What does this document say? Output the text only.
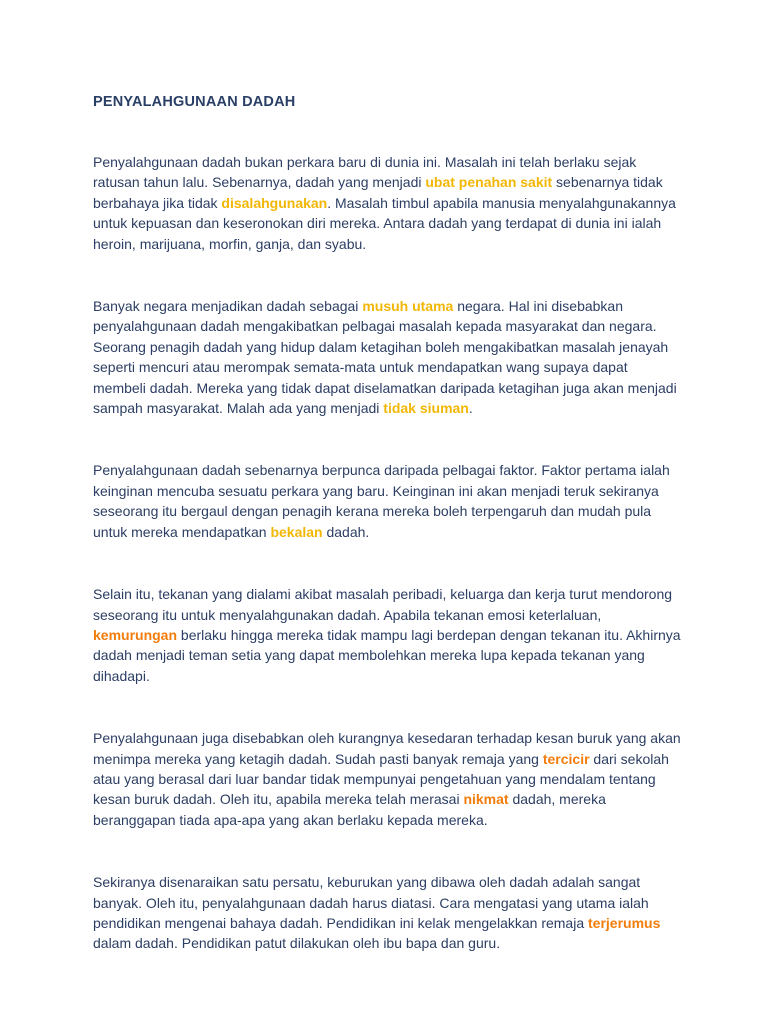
PENYALAHGUNAAN DADAH

Penyalahgunaan dadah bukan perkara baru di dunia ini. Masalah ini telah berlaku sejak ratusan tahun lalu. Sebenarnya, dadah yang menjadi ubat penahan sakit sebenarnya tidak berbahaya jika tidak disalahgunakan. Masalah timbul apabila manusia menyalahgunakannya untuk kepuasan dan keseronokan diri mereka. Antara dadah yang terdapat di dunia ini ialah heroin, marijuana, morfin, ganja, dan syabu.

Banyak negara menjadikan dadah sebagai musuh utama negara. Hal ini disebabkan penyalahgunaan dadah mengakibatkan pelbagai masalah kepada masyarakat dan negara. Seorang penagih dadah yang hidup dalam ketagihan boleh mengakibatkan masalah jenayah seperti mencuri atau merompak semata-mata untuk mendapatkan wang supaya dapat membeli dadah. Mereka yang tidak dapat diselamatkan daripada ketagihan juga akan menjadi sampah masyarakat. Malah ada yang menjadi tidak siuman.

Penyalahgunaan dadah sebenarnya berpunca daripada pelbagai faktor. Faktor pertama ialah keinginan mencuba sesuatu perkara yang baru. Keinginan ini akan menjadi teruk sekiranya seseorang itu bergaul dengan penagih kerana mereka boleh terpengaruh dan mudah pula untuk mereka mendapatkan bekalan dadah.

Selain itu, tekanan yang dialami akibat masalah peribadi, keluarga dan kerja turut mendorong seseorang itu untuk menyalahgunakan dadah. Apabila tekanan emosi keterlaluan, kemurungan berlaku hingga mereka tidak mampu lagi berdepan dengan tekanan itu. Akhirnya dadah menjadi teman setia yang dapat membolehkan mereka lupa kepada tekanan yang dihadapi.

Penyalahgunaan juga disebabkan oleh kurangnya kesedaran terhadap kesan buruk yang akan menimpa mereka yang ketagih dadah. Sudah pasti banyak remaja yang tercicir dari sekolah atau yang berasal dari luar bandar tidak mempunyai pengetahuan yang mendalam tentang kesan buruk dadah. Oleh itu, apabila mereka telah merasai nikmat dadah, mereka beranggapan tiada apa-apa yang akan berlaku kepada mereka.

Sekiranya disenaraikan satu persatu, keburukan yang dibawa oleh dadah adalah sangat banyak. Oleh itu, penyalahgunaan dadah harus diatasi. Cara mengatasi yang utama ialah pendidikan mengenai bahaya dadah. Pendidikan ini kelak mengelakkan remaja terjerumus dalam dadah. Pendidikan patut dilakukan oleh ibu bapa dan guru.
